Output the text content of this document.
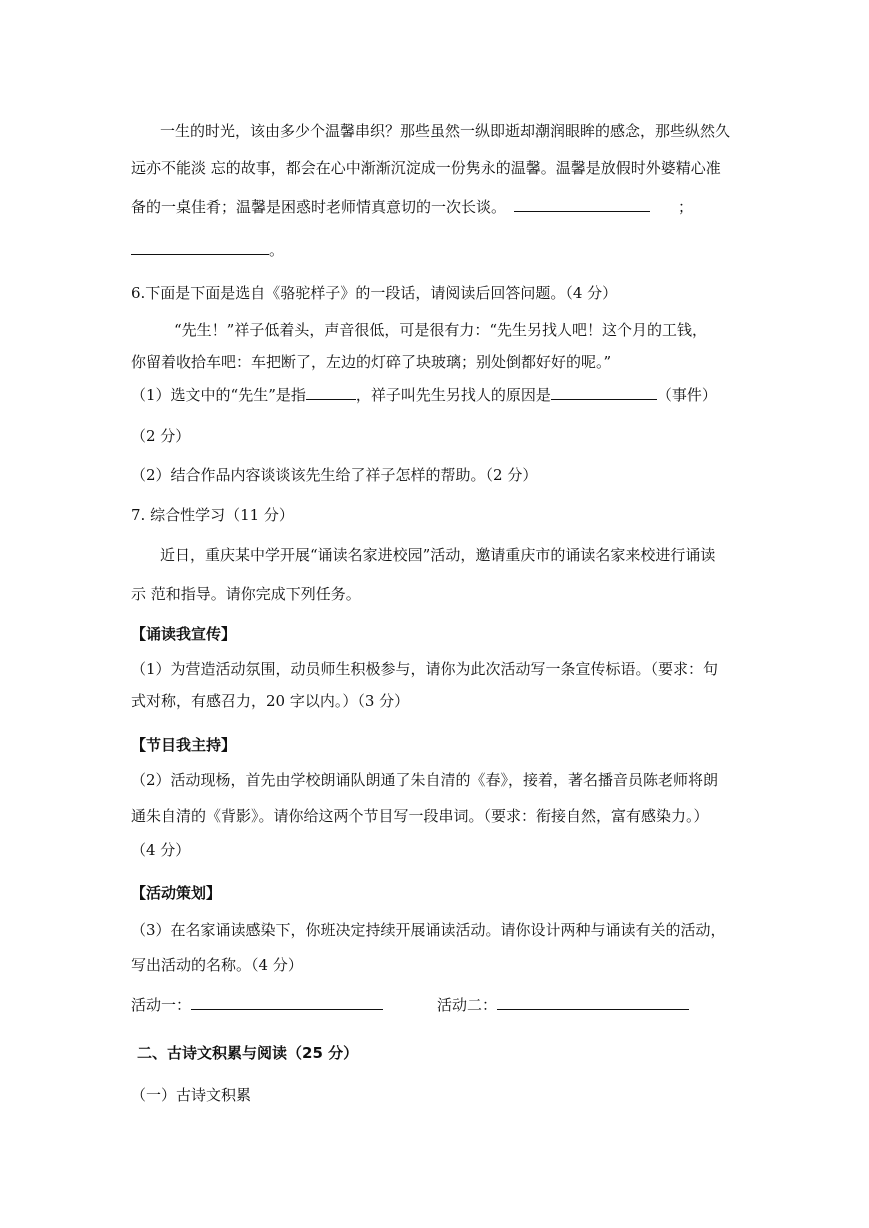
一生的时光，该由多少个温馨串织？那些虽然一纵即逝却潮润眼眸的感念，那些纵然久
远亦不能淡 忘的故事，都会在心中渐渐沉淀成一份隽永的温馨。温馨是放假时外婆精心准
备的一桌佳肴；温馨是困惑时老师情真意切的一次长谈。	；
。
6.下面是下面是选自《骆驼样子》的一段话，请阅读后回答问题。（4 分）
“先生！”祥子低着头，声音很低，可是很有力：“先生另找人吧！这个月的工钱，
你留着收拾车吧：车把断了，左边的灯碎了块玻璃；别处倒都好好的呢。”
（1）选文中的“先生”是指	，祥子叫先生另找人的原因是	（事件）
（2 分）
（2）结合作品内容谈谈该先生给了祥子怎样的帮助。（2 分）
7. 综合性学习（11 分）
近日，重庆某中学开展“诵读名家进校园”活动，邀请重庆市的诵读名家来校进行诵读
示 范和指导。请你完成下列任务。
【诵读我宣传】
（1）为营造活动氛围，动员师生积极参与，请你为此次活动写一条宣传标语。（要求：句
式对称，有感召力，20 字以内。）（3 分）
【节目我主持】
（2）活动现杨，首先由学校朗诵队朗通了朱自清的《春》，接着，著名播音员陈老师将朗
通朱自清的《背影》。请你给这两个节目写一段串词。（要求：衔接自然，富有感染力。）
（4 分）
【活动策划】
（3）在名家诵读感染下，你班决定持续开展诵读活动。请你设计两种与诵读有关的活动，
写出活动的名称。（4 分）
活动一：	活动二：
二、古诗文积累与阅读（25 分）
（一）古诗文积累
